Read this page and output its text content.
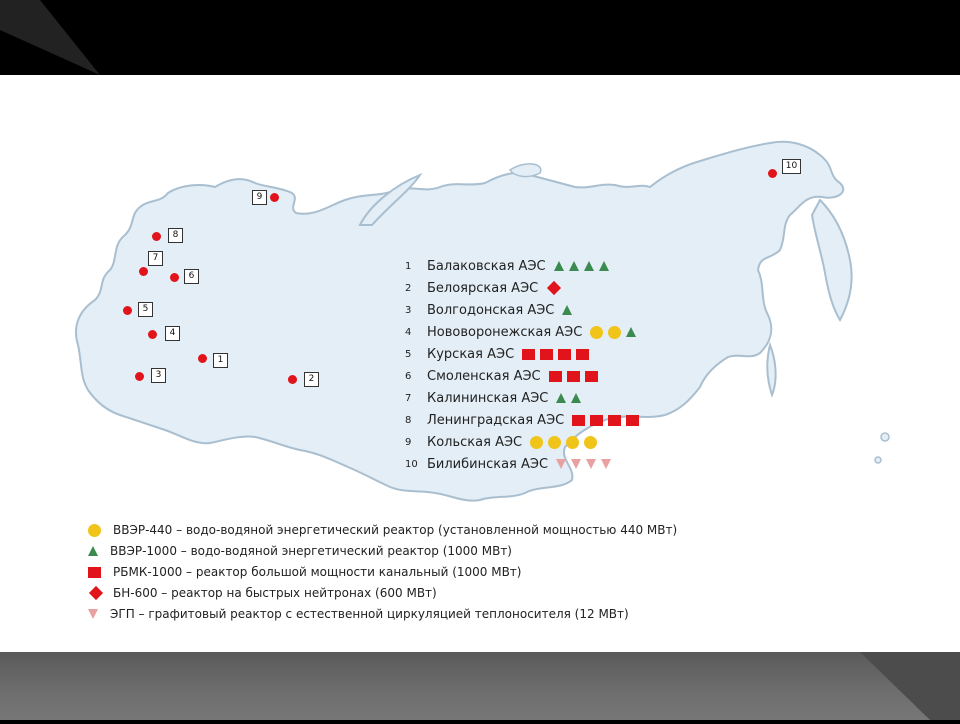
9
8
7
6
5
4
1
3	2
10
1	Балаковская АЭС
2	Белоярская АЭС
3	Волгодонская АЭС
4	Нововоронежская АЭС
5	Курская АЭС
6	Смоленская АЭС
7	Калининская АЭС
8	Ленинградская АЭС
9	Кольская АЭС
10 Билибинская АЭС
ВВЭР-440 – водо-водяной энергетический реактор (установленной мощностью 440 МВт)
ВВЭР-1000 – водо-водяной энергетический реактор (1000 МВт)
РБМК-1000 – реактор большой мощности канальный (1000 МВт)
БН-600 – реактор на быстрых нейтронах (600 МВт)
ЭГП – графитовый реактор с естественной циркуляцией теплоносителя (12 МВт)
